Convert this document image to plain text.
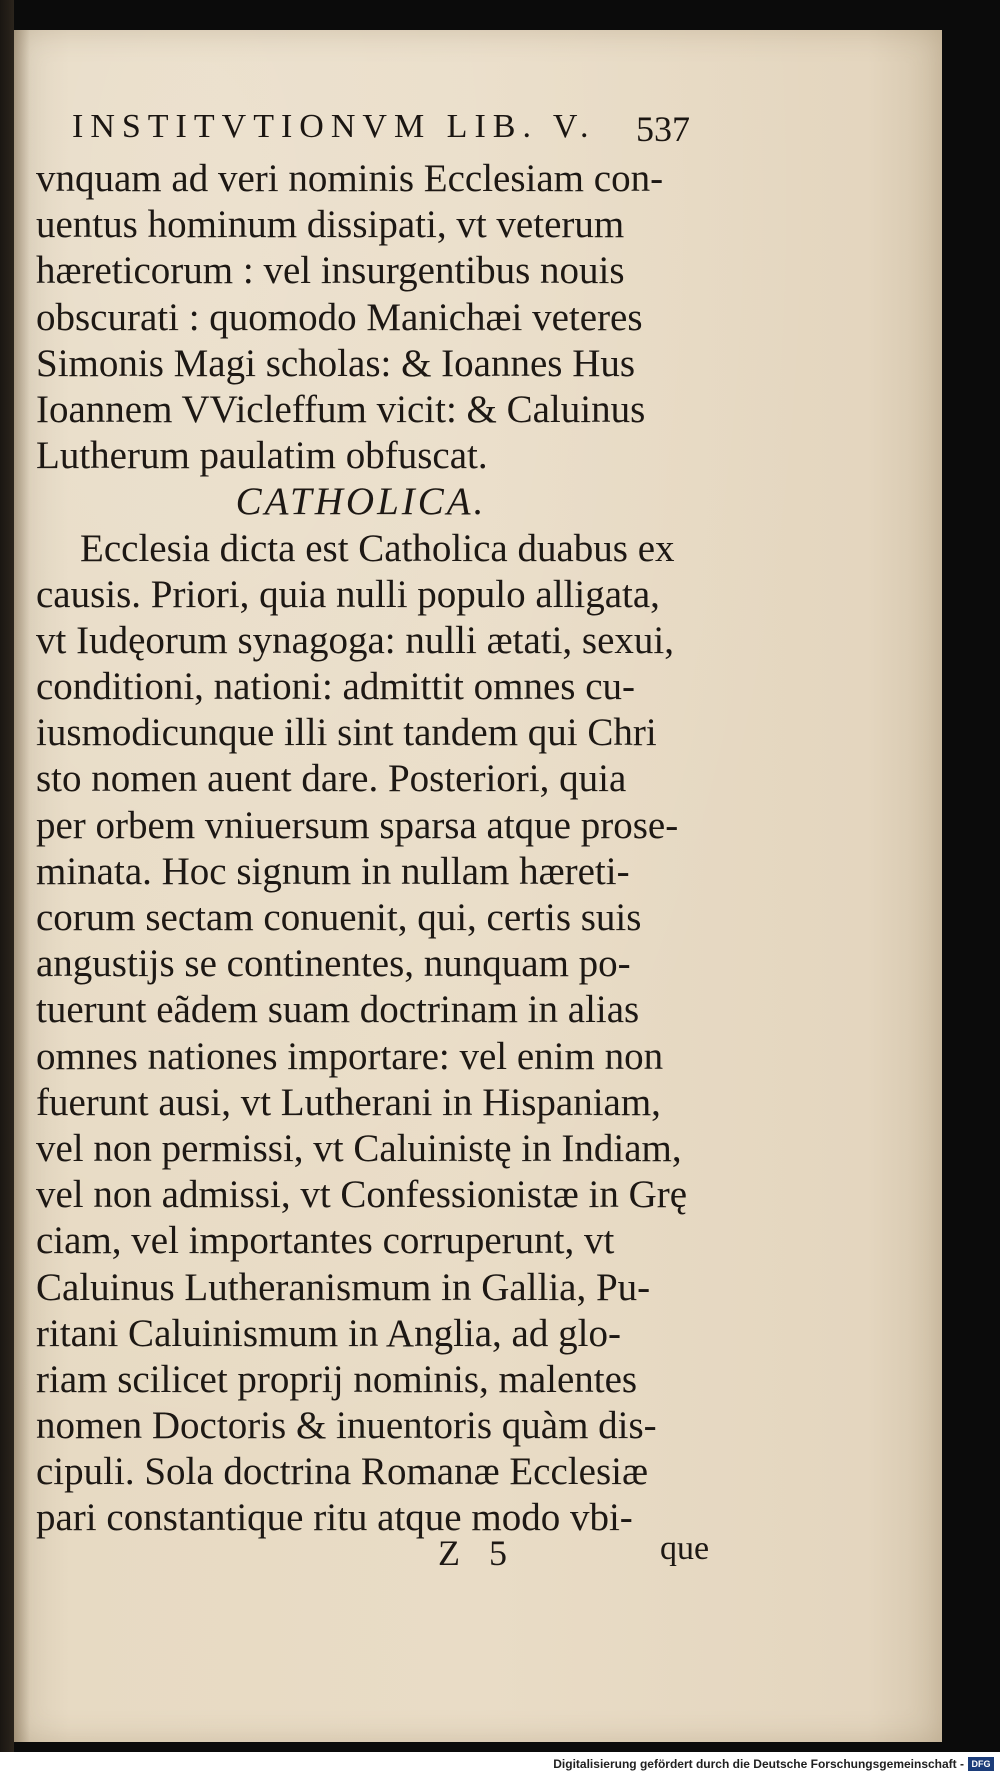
INSTITVTIONVM LIB. V.	537
vnquam ad veri nominis Ecclesiam con-
uentus hominum dissipati, vt veterum
hæreticorum : vel insurgentibus nouis
obscurati : quomodo Manichæi veteres
Simonis Magi scholas: & Ioannes Hus
Ioannem VVicleffum vicit: & Caluinus
Lutherum paulatim obfuscat.
CATHOLICA.
Ecclesia dicta est Catholica duabus ex
causis. Priori, quia nulli populo alligata,
vt Iudęorum synagoga: nulli ætati, sexui,
conditioni, nationi: admittit omnes cu-
iusmodicunque illi sint tandem qui Chri
sto nomen auent dare. Posteriori, quia
per orbem vniuersum sparsa atque prose-
minata. Hoc signum in nullam hæreti-
corum sectam conuenit, qui, certis suis
angustijs se continentes, nunquam po-
tuerunt eãdem suam doctrinam in alias
omnes nationes importare: vel enim non
fuerunt ausi, vt Lutherani in Hispaniam,
vel non permissi, vt Caluinistę in Indiam,
vel non admissi, vt Confessionistæ in Grę
ciam, vel importantes corruperunt, vt
Caluinus Lutheranismum in Gallia, Pu-
ritani Caluinismum in Anglia, ad glo-
riam scilicet proprij nominis, malentes
nomen Doctoris & inuentoris quàm dis-
cipuli. Sola doctrina Romanæ Ecclesiæ
pari constantique ritu atque modo vbi-
Z 5	que
Digitalisierung gefördert durch die Deutsche Forschungsgemeinschaft - DFG
